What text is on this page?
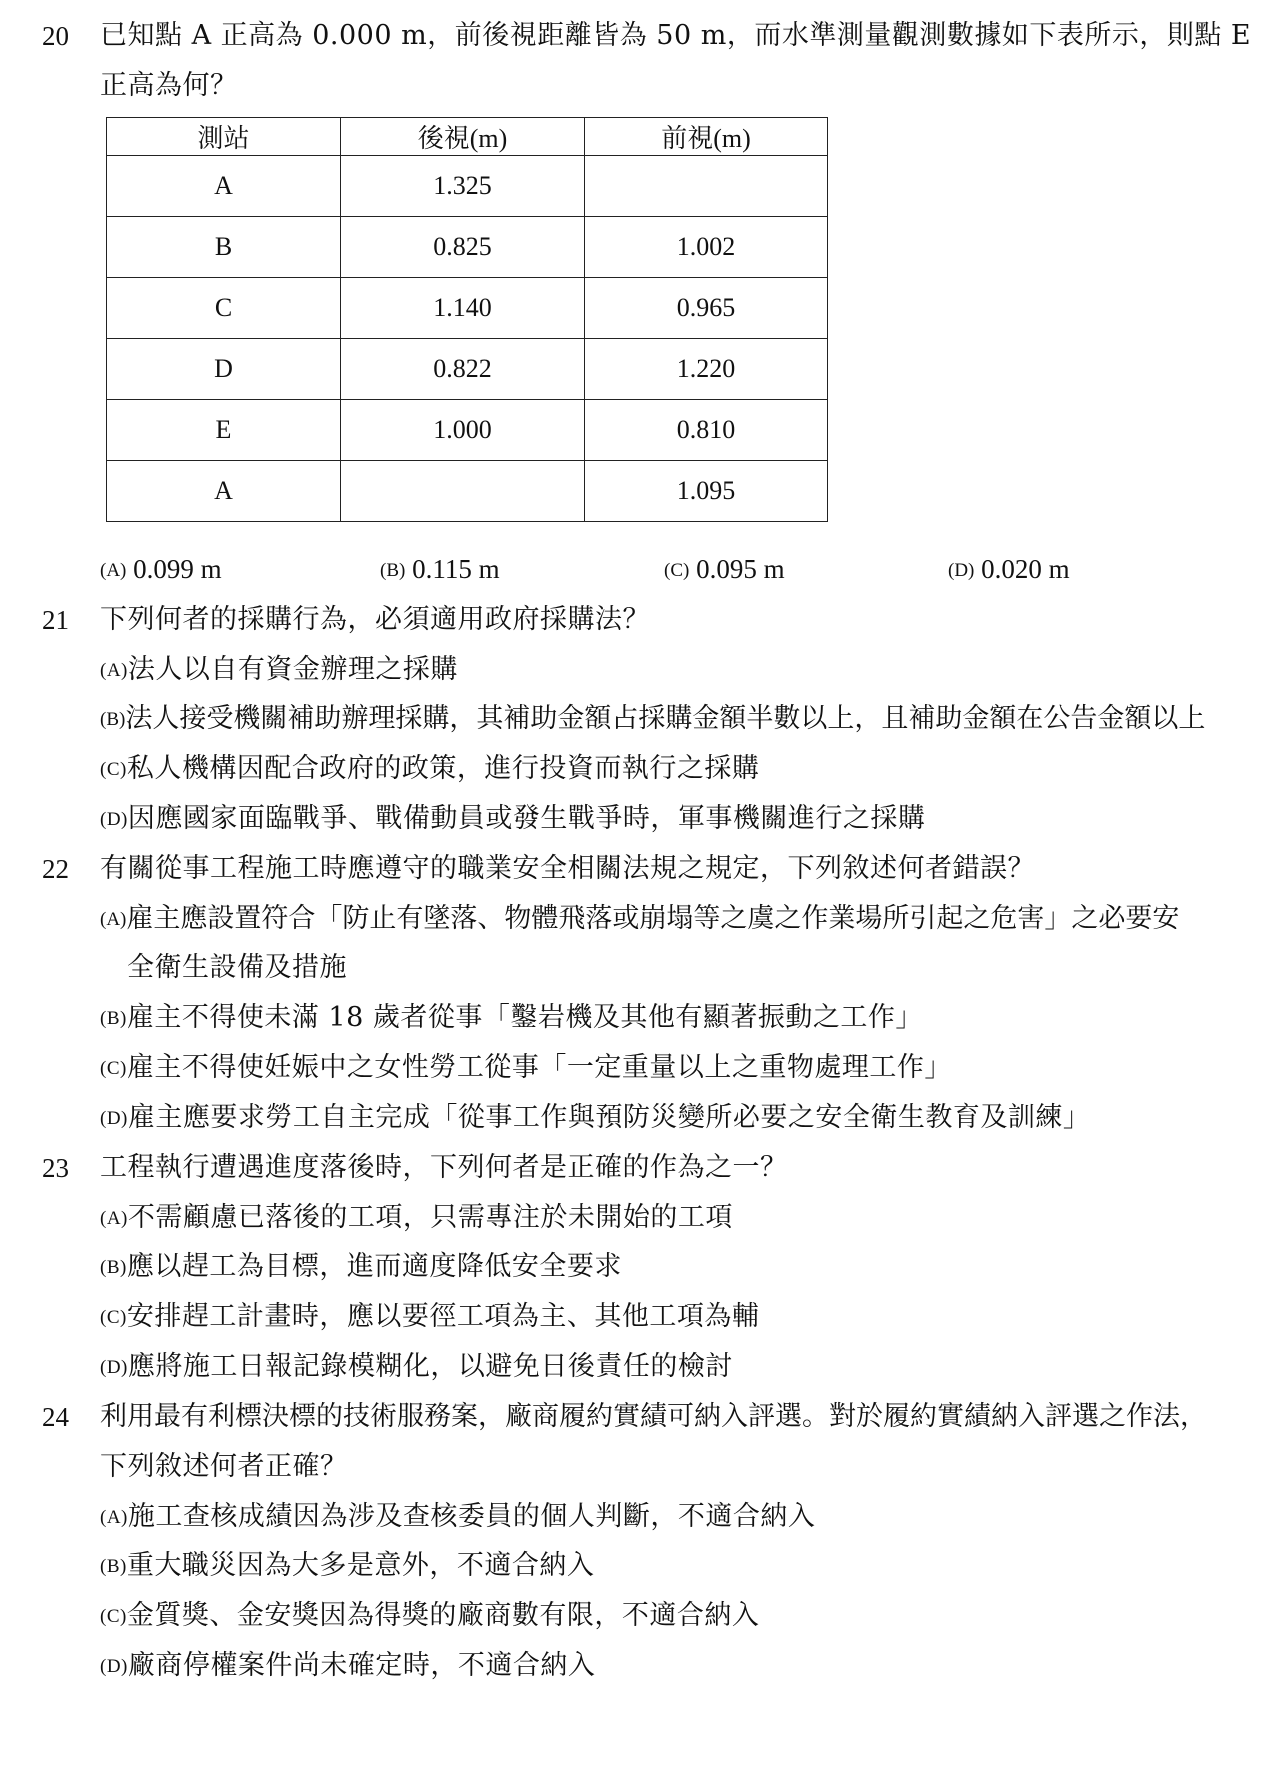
20 已知點 A 正高為 0.000 m，前後視距離皆為 50 m，而水準測量觀測數據如下表所示，則點 E
正高為何？
測站	後視(m)	前視(m)
A	1.325	
B	0.825	1.002
C	1.140	0.965
D	0.822	1.220
E	1.000	0.810
A		1.095
(A) 0.099 m	(B) 0.115 m	(C) 0.095 m	(D) 0.020 m
21 下列何者的採購行為，必須適用政府採購法？
(A)法人以自有資金辦理之採購
(B)法人接受機關補助辦理採購，其補助金額占採購金額半數以上，且補助金額在公告金額以上
(C)私人機構因配合政府的政策，進行投資而執行之採購
(D)因應國家面臨戰爭、戰備動員或發生戰爭時，軍事機關進行之採購
22 有關從事工程施工時應遵守的職業安全相關法規之規定，下列敘述何者錯誤？
(A)雇主應設置符合「防止有墜落、物體飛落或崩塌等之虞之作業場所引起之危害」之必要安
全衛生設備及措施
(B)雇主不得使未滿 18 歲者從事「鑿岩機及其他有顯著振動之工作」
(C)雇主不得使妊娠中之女性勞工從事「一定重量以上之重物處理工作」
(D)雇主應要求勞工自主完成「從事工作與預防災變所必要之安全衛生教育及訓練」
23 工程執行遭遇進度落後時，下列何者是正確的作為之一？
(A)不需顧慮已落後的工項，只需專注於未開始的工項
(B)應以趕工為目標，進而適度降低安全要求
(C)安排趕工計畫時，應以要徑工項為主、其他工項為輔
(D)應將施工日報記錄模糊化，以避免日後責任的檢討
24 利用最有利標決標的技術服務案，廠商履約實績可納入評選。對於履約實績納入評選之作法，
下列敘述何者正確？
(A)施工查核成績因為涉及查核委員的個人判斷，不適合納入
(B)重大職災因為大多是意外，不適合納入
(C)金質獎、金安獎因為得獎的廠商數有限，不適合納入
(D)廠商停權案件尚未確定時，不適合納入
